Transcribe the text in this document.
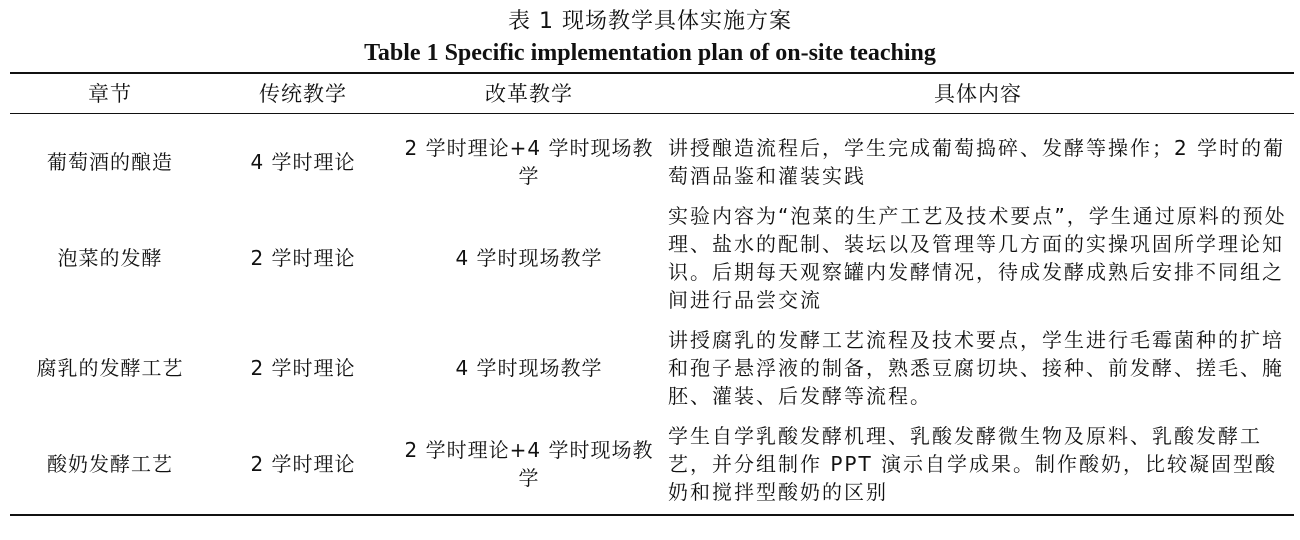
表 1 现场教学具体实施方案
Table 1 Specific implementation plan of on-site teaching
章节	传统教学	改革教学	具体内容
葡萄酒的酿造	4 学时理论	2 学时理论+4 学时现场教学	讲授酿造流程后，学生完成葡萄捣碎、发酵等操作；2 学时的葡萄酒品鉴和灌装实践
泡菜的发酵	2 学时理论	4 学时现场教学	实验内容为“泡菜的生产工艺及技术要点”，学生通过原料的预处理、盐水的配制、装坛以及管理等几方面的实操巩固所学理论知识。后期每天观察罐内发酵情况，待成发酵成熟后安排不同组之间进行品尝交流
腐乳的发酵工艺	2 学时理论	4 学时现场教学	讲授腐乳的发酵工艺流程及技术要点，学生进行毛霉菌种的扩培和孢子悬浮液的制备，熟悉豆腐切块、接种、前发酵、搓毛、腌胚、灌装、后发酵等流程。
酸奶发酵工艺	2 学时理论	2 学时理论+4 学时现场教学	学生自学乳酸发酵机理、乳酸发酵微生物及原料、乳酸发酵工艺，并分组制作 PPT 演示自学成果。制作酸奶，比较凝固型酸奶和搅拌型酸奶的区别
